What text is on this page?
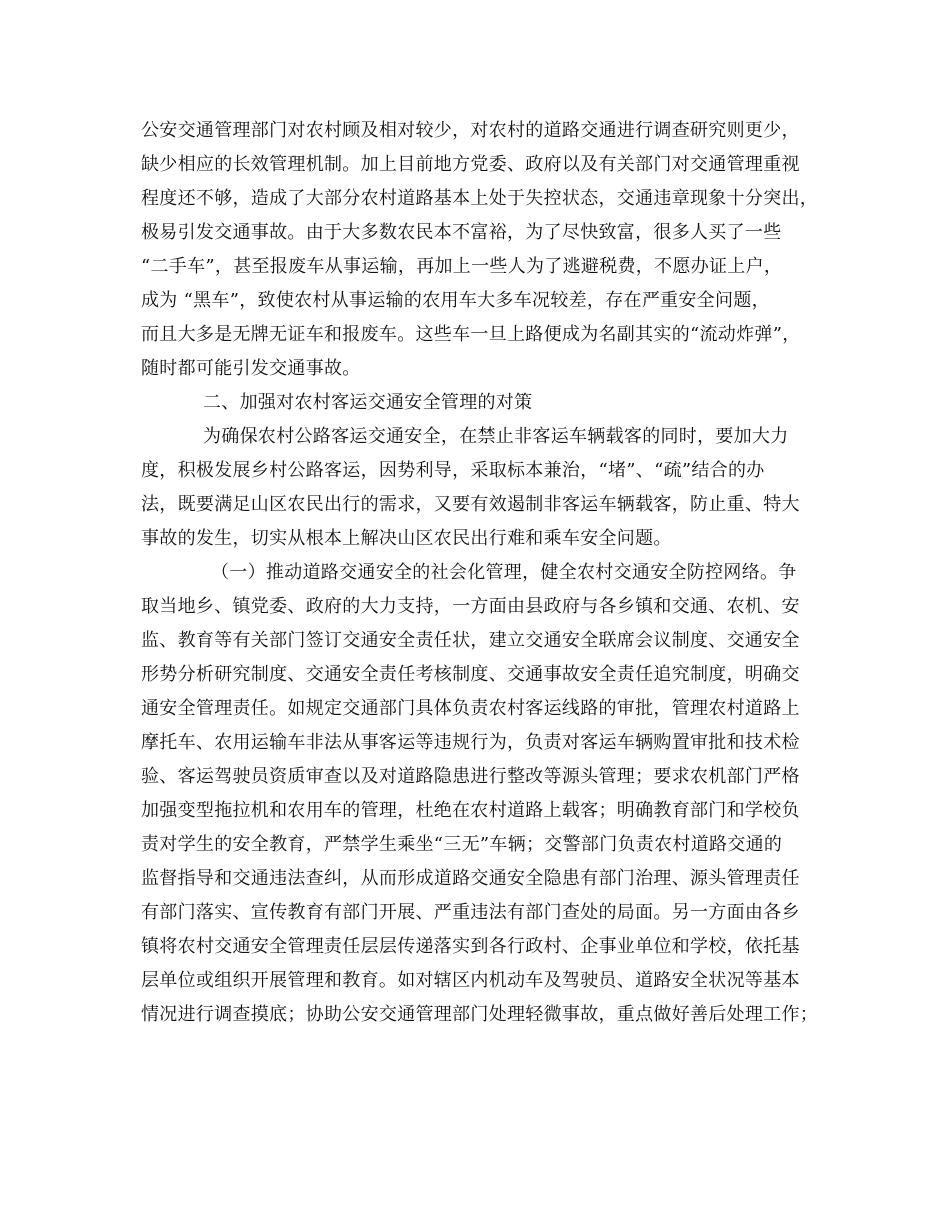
公安交通管理部门对农村顾及相对较少，对农村的道路交通进行调查研究则更少，
缺少相应的长效管理机制。加上目前地方党委、政府以及有关部门对交通管理重视
程度还不够，造成了大部分农村道路基本上处于失控状态，交通违章现象十分突出，
极易引发交通事故。由于大多数农民本不富裕，为了尽快致富，很多人买了一些
“二手车”，甚至报废车从事运输，再加上一些人为了逃避税费，不愿办证上户，
成为 “黑车”，致使农村从事运输的农用车大多车况较差，存在严重安全问题，
而且大多是无牌无证车和报废车。这些车一旦上路便成为名副其实的“流动炸弹”，
随时都可能引发交通事故。
二、加强对农村客运交通安全管理的对策
为确保农村公路客运交通安全，在禁止非客运车辆载客的同时，要加大力
度，积极发展乡村公路客运，因势利导，采取标本兼治，“堵”、“疏”结合的办
法，既要满足山区农民出行的需求，又要有效遏制非客运车辆载客，防止重、特大
事故的发生，切实从根本上解决山区农民出行难和乘车安全问题。
（一）推动道路交通安全的社会化管理，健全农村交通安全防控网络。争
取当地乡、镇党委、政府的大力支持，一方面由县政府与各乡镇和交通、农机、安
监、教育等有关部门签订交通安全责任状，建立交通安全联席会议制度、交通安全
形势分析研究制度、交通安全责任考核制度、交通事故安全责任追究制度，明确交
通安全管理责任。如规定交通部门具体负责农村客运线路的审批，管理农村道路上
摩托车、农用运输车非法从事客运等违规行为，负责对客运车辆购置审批和技术检
验、客运驾驶员资质审查以及对道路隐患进行整改等源头管理；要求农机部门严格
加强变型拖拉机和农用车的管理，杜绝在农村道路上载客；明确教育部门和学校负
责对学生的安全教育，严禁学生乘坐“三无”车辆；交警部门负责农村道路交通的
监督指导和交通违法查纠，从而形成道路交通安全隐患有部门治理、源头管理责任
有部门落实、宣传教育有部门开展、严重违法有部门查处的局面。另一方面由各乡
镇将农村交通安全管理责任层层传递落实到各行政村、企事业单位和学校，依托基
层单位或组织开展管理和教育。如对辖区内机动车及驾驶员、道路安全状况等基本
情况进行调查摸底；协助公安交通管理部门处理轻微事故，重点做好善后处理工作；
